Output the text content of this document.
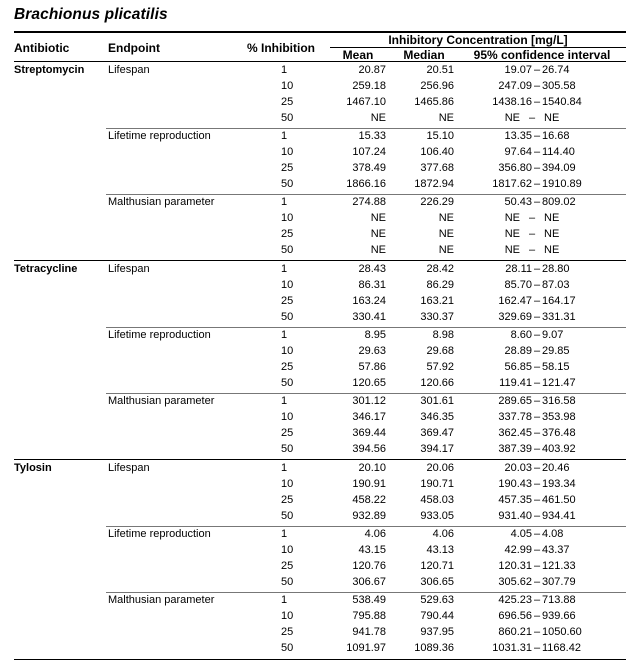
Brachionus plicatilis
Antibiotic	Endpoint	% Inhibition
Inhibitory Concentration [mg/L]
Mean	Median	95% confidence interval
Streptomycin Lifespan	1	20.87	20.51	19.07 – 26.74
10	259.18	256.96	247.09 – 305.58
25	1467.10	1465.86	1438.16 – 1540.84
50	NE	NE	NE – NE
Lifetime reproduction	1	15.33	15.10	13.35 – 16.68
10	107.24	106.40	97.64 – 114.40
25	378.49	377.68	356.80 – 394.09
50	1866.16	1872.94	1817.62 – 1910.89
Malthusian parameter	1	274.88	226.29	50.43 – 809.02
10	NE	NE	NE – NE
25	NE	NE	NE – NE
50	NE	NE	NE – NE
Tetracycline	Lifespan	1	28.43	28.42	28.11 – 28.80
10	86.31	86.29	85.70 – 87.03
25	163.24	163.21	162.47 – 164.17
50	330.41	330.37	329.69 – 331.31
Lifetime reproduction	1	8.95	8.98	8.60 – 9.07
10	29.63	29.68	28.89 – 29.85
25	57.86	57.92	56.85 – 58.15
50	120.65	120.66	119.41 – 121.47
Malthusian parameter	1	301.12	301.61	289.65 – 316.58
10	346.17	346.35	337.78 – 353.98
25	369.44	369.47	362.45 – 376.48
50	394.56	394.17	387.39 – 403.92
Tylosin	Lifespan	1	20.10	20.06	20.03 – 20.46
10	190.91	190.71	190.43 – 193.34
25	458.22	458.03	457.35 – 461.50
50	932.89	933.05	931.40 – 934.41
Lifetime reproduction	1	4.06	4.06	4.05 – 4.08
10	43.15	43.13	42.99 – 43.37
25	120.76	120.71	120.31 – 121.33
50	306.67	306.65	305.62 – 307.79
Malthusian parameter	1	538.49	529.63	425.23 – 713.88
10	795.88	790.44	696.56 – 939.66
25	941.78	937.95	860.21 – 1050.60
50	1091.97	1089.36	1031.31 – 1168.42
